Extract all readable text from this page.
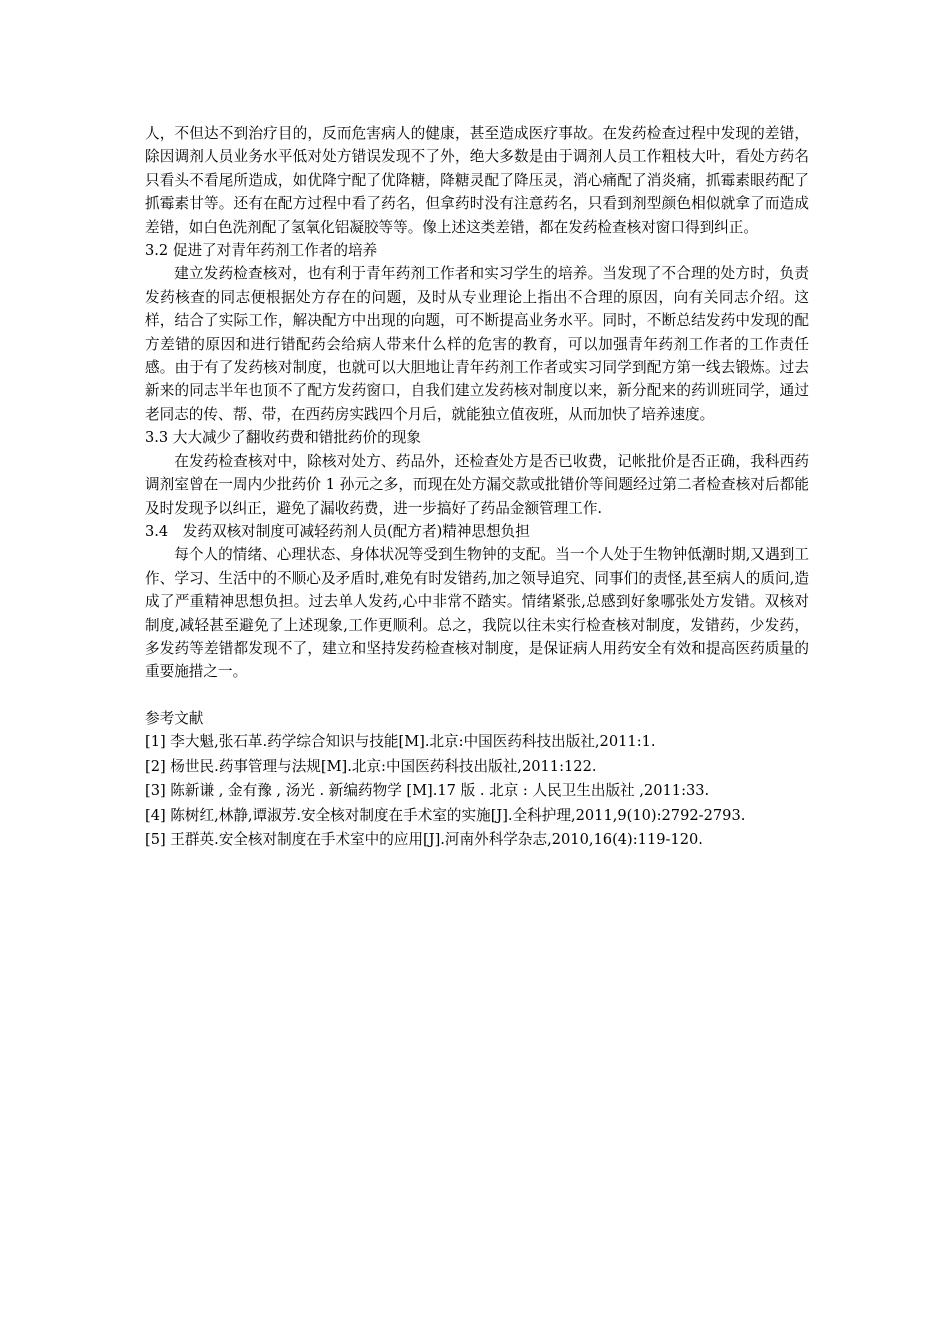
人，不但达不到治疗目的，反而危害病人的健康，甚至造成医疗事故。在发药检查过程中发现的差错，除因调剂人员业务水平低对处方错误发现不了外，绝大多数是由于调剂人员工作粗枝大叶，看处方药名只看头不看尾所造成，如优降宁配了优降糖，降糖灵配了降压灵，消心痛配了消炎痛，抓霉素眼药配了抓霉素甘等。还有在配方过程中看了药名，但拿药时没有注意药名，只看到剂型颜色相似就拿了而造成差错，如白色洗剂配了氢氧化铝凝胶等等。像上述这类差错，都在发药检查核对窗口得到纠正。

3.2 促进了对青年药剂工作者的培养

建立发药检查核对，也有利于青年药剂工作者和实习学生的培养。当发现了不合理的处方时，负责发药核查的同志便根据处方存在的问题，及时从专业理论上指出不合理的原因，向有关同志介绍。这样，结合了实际工作，解决配方中出现的向题，可不断提高业务水平。同时，不断总结发药中发现的配方差错的原因和进行错配药会给病人带来什么样的危害的教育，可以加强青年药剂工作者的工作责任感。由于有了发药核对制度，也就可以大胆地让青年药剂工作者或实习同学到配方第一线去锻炼。过去新来的同志半年也顶不了配方发药窗口，自我们建立发药核对制度以来，新分配来的药训班同学，通过老同志的传、帮、带，在西药房实践四个月后，就能独立值夜班，从而加快了培养速度。

3.3 大大减少了翻收药费和错批药价的现象

在发药检查核对中，除核对处方、药品外，还检查处方是否已收费，记帐批价是否正确，我科西药调剂室曾在一周内少批药价 1 孙元之多，而现在处方漏交款或批错价等间题经过第二者检查核对后都能及时发现予以纠正，避免了漏收药费，进一步搞好了药品金额管理工作.

3.4　发药双核对制度可减轻药剂人员(配方者)精神思想负担

每个人的情绪、心理状态、身体状况等受到生物钟的支配。当一个人处于生物钟低潮时期,又遇到工作、学习、生活中的不顺心及矛盾时,难免有时发错药,加之领导追究、同事们的责怪,甚至病人的质问,造成了严重精神思想负担。过去单人发药,心中非常不踏实。情绪紧张,总感到好象哪张处方发错。双核对制度,减轻甚至避免了上述现象,工作更顺利。总之，我院以往未实行检查核对制度，发错药，少发药，多发药等差错都发现不了，建立和坚持发药检查核对制度，是保证病人用药安全有效和提高医药质量的重要施措之一。

参考文献

[1] 李大魁,张石革.药学综合知识与技能[M].北京:中国医药科技出版社,2011:1.

[2] 杨世民.药事管理与法规[M].北京:中国医药科技出版社,2011:122.

[3] 陈新谦 , 金有豫 , 汤光 . 新编药物学 [M].17 版 . 北京 : 人民卫生出版社 ,2011:33.

[4] 陈树红,林静,谭淑芳.安全核对制度在手术室的实施[J].全科护理,2011,9(10):2792-2793.

[5] 王群英.安全核对制度在手术室中的应用[J].河南外科学杂志,2010,16(4):119-120.
